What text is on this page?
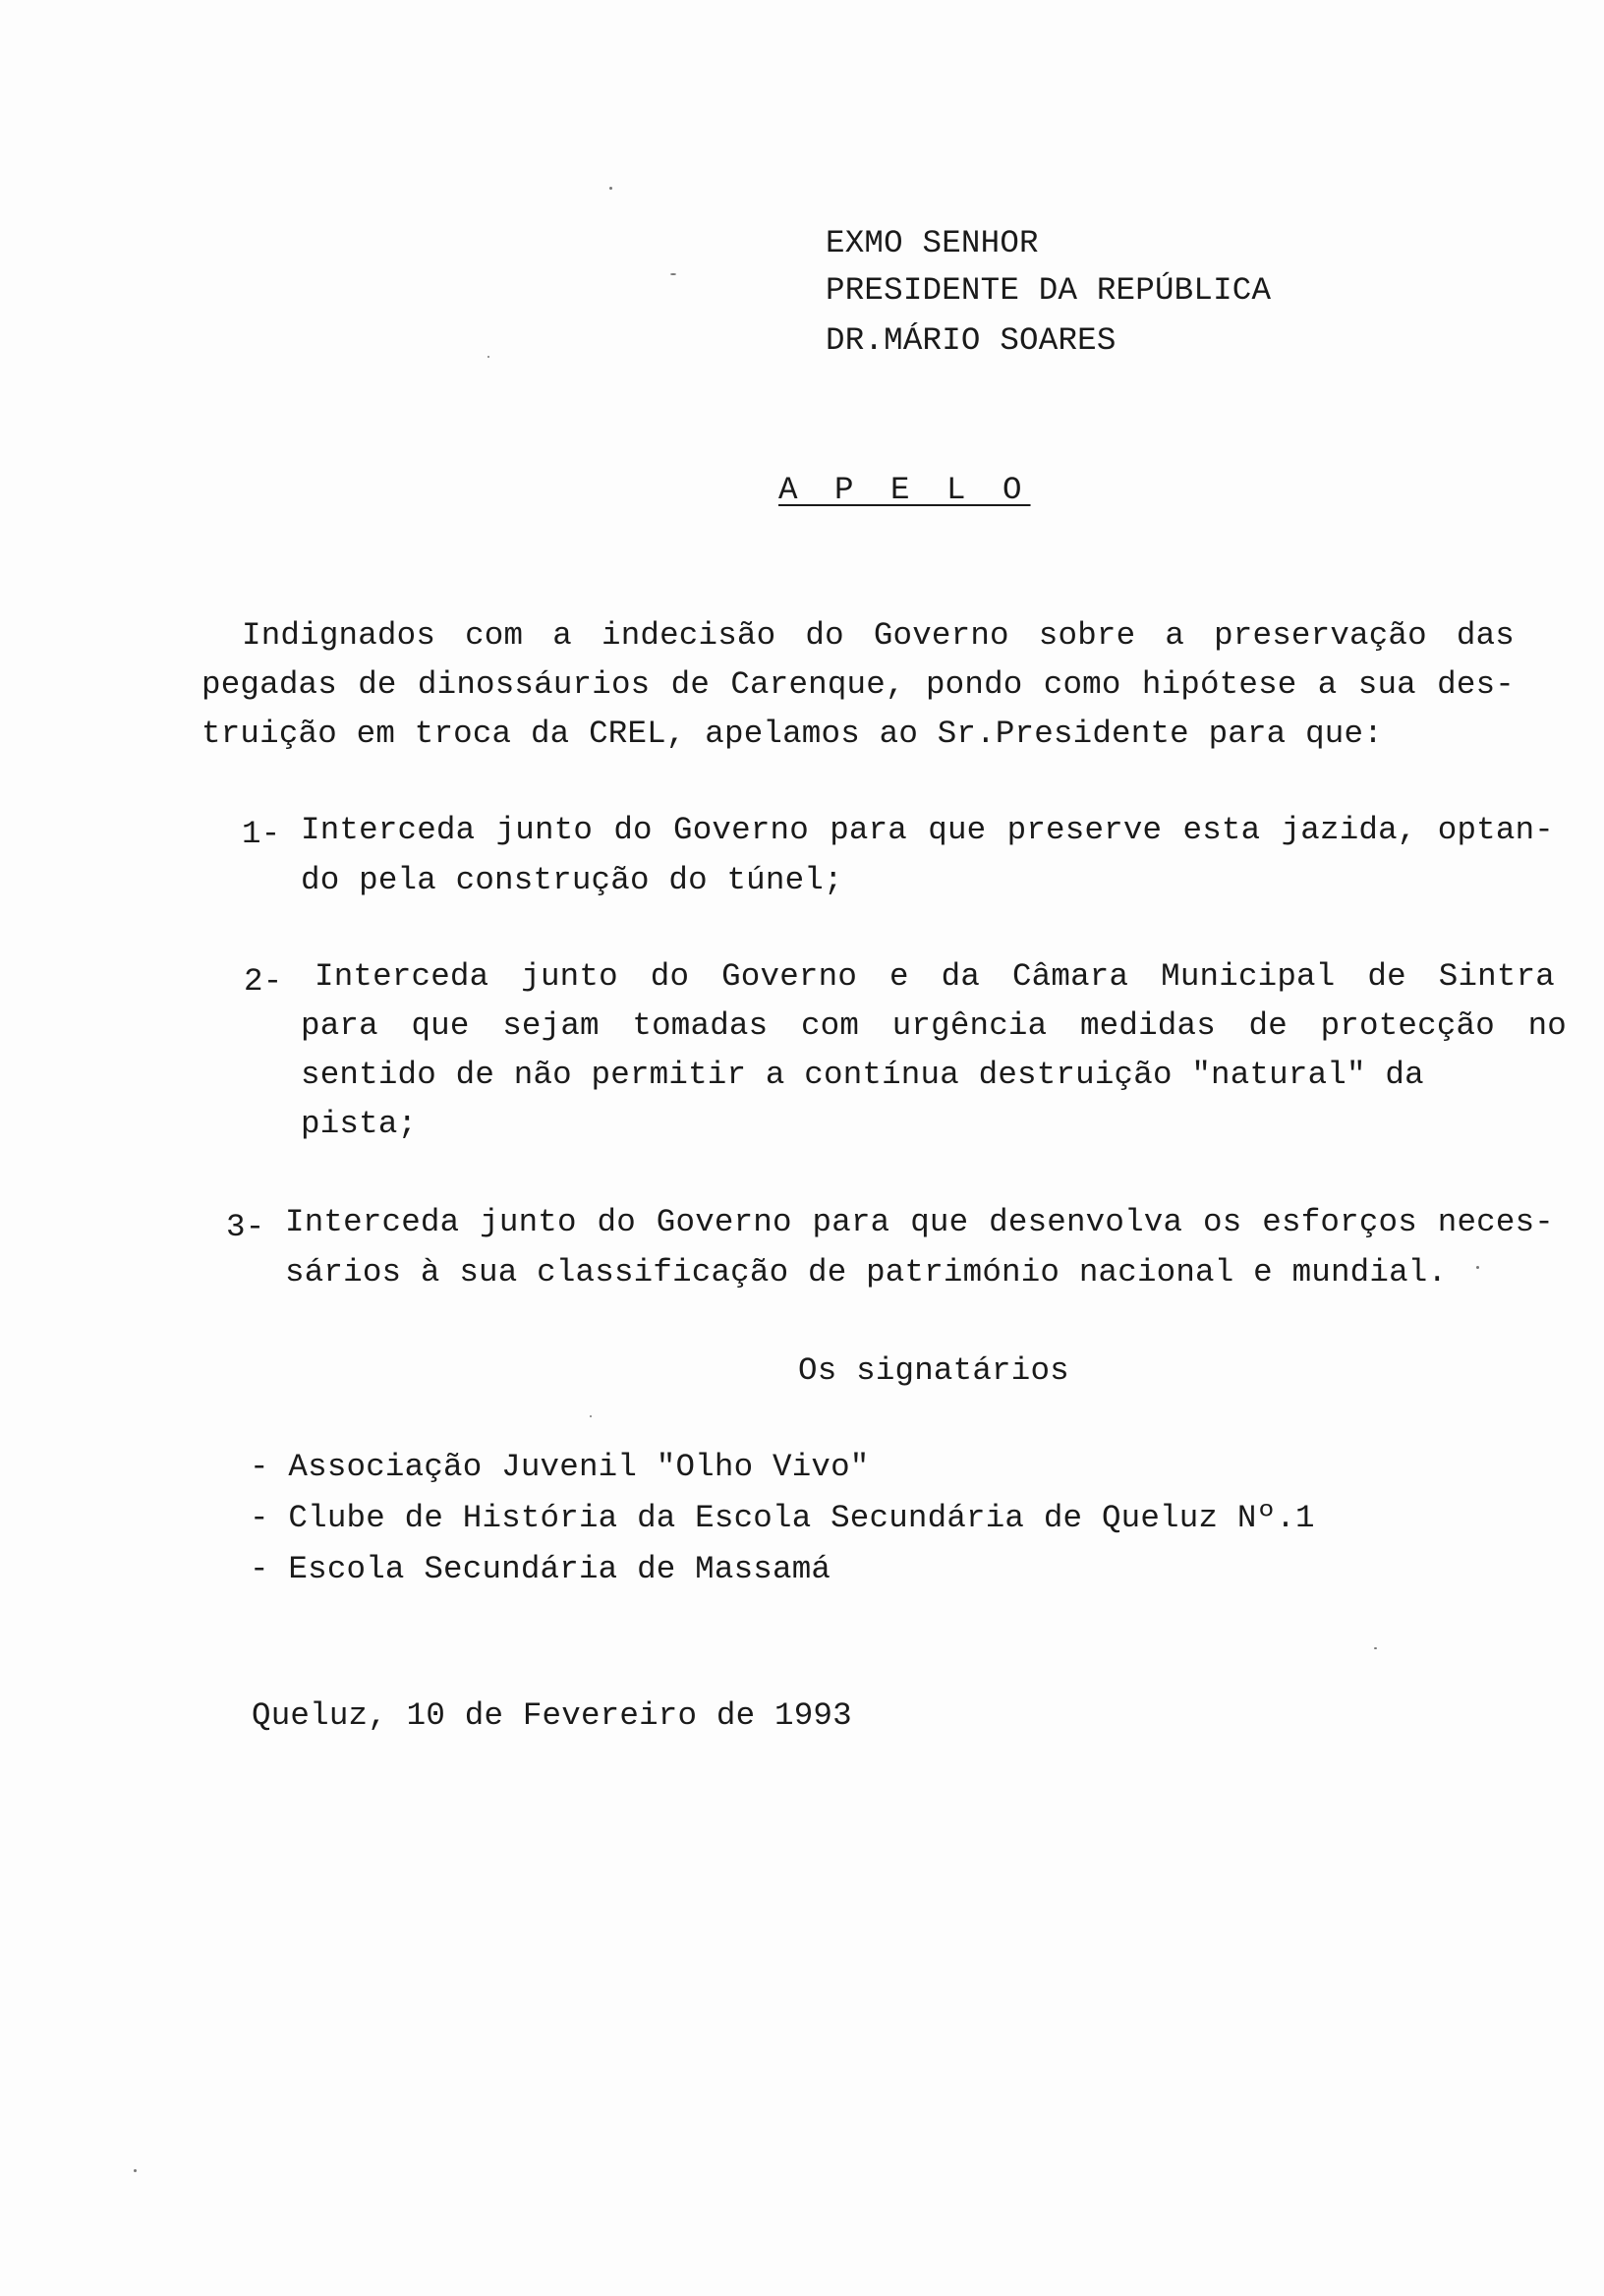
EXMO SENHOR
PRESIDENTE DA REPÚBLICA
DR.MÁRIO SOARES
A P E L O
Indignados com a indecisão do Governo sobre a preservação das
pegadas de dinossáurios de Carenque, pondo como hipótese a sua des-
truição em troca da CREL, apelamos ao Sr.Presidente para que:
1- Interceda junto do Governo para que preserve esta jazida, optan-
do pela construção do túnel;
2- Interceda junto do Governo e da Câmara Municipal de Sintra
para que sejam tomadas com urgência medidas de protecção no
sentido de não permitir a contínua destruição "natural" da
pista;
3- Interceda junto do Governo para que desenvolva os esforços neces-
sários à sua classificação de património nacional e mundial.
Os signatários
- Associação Juvenil "Olho Vivo"
- Clube de História da Escola Secundária de Queluz Nº.1
- Escola Secundária de Massamá
Queluz, 10 de Fevereiro de 1993
